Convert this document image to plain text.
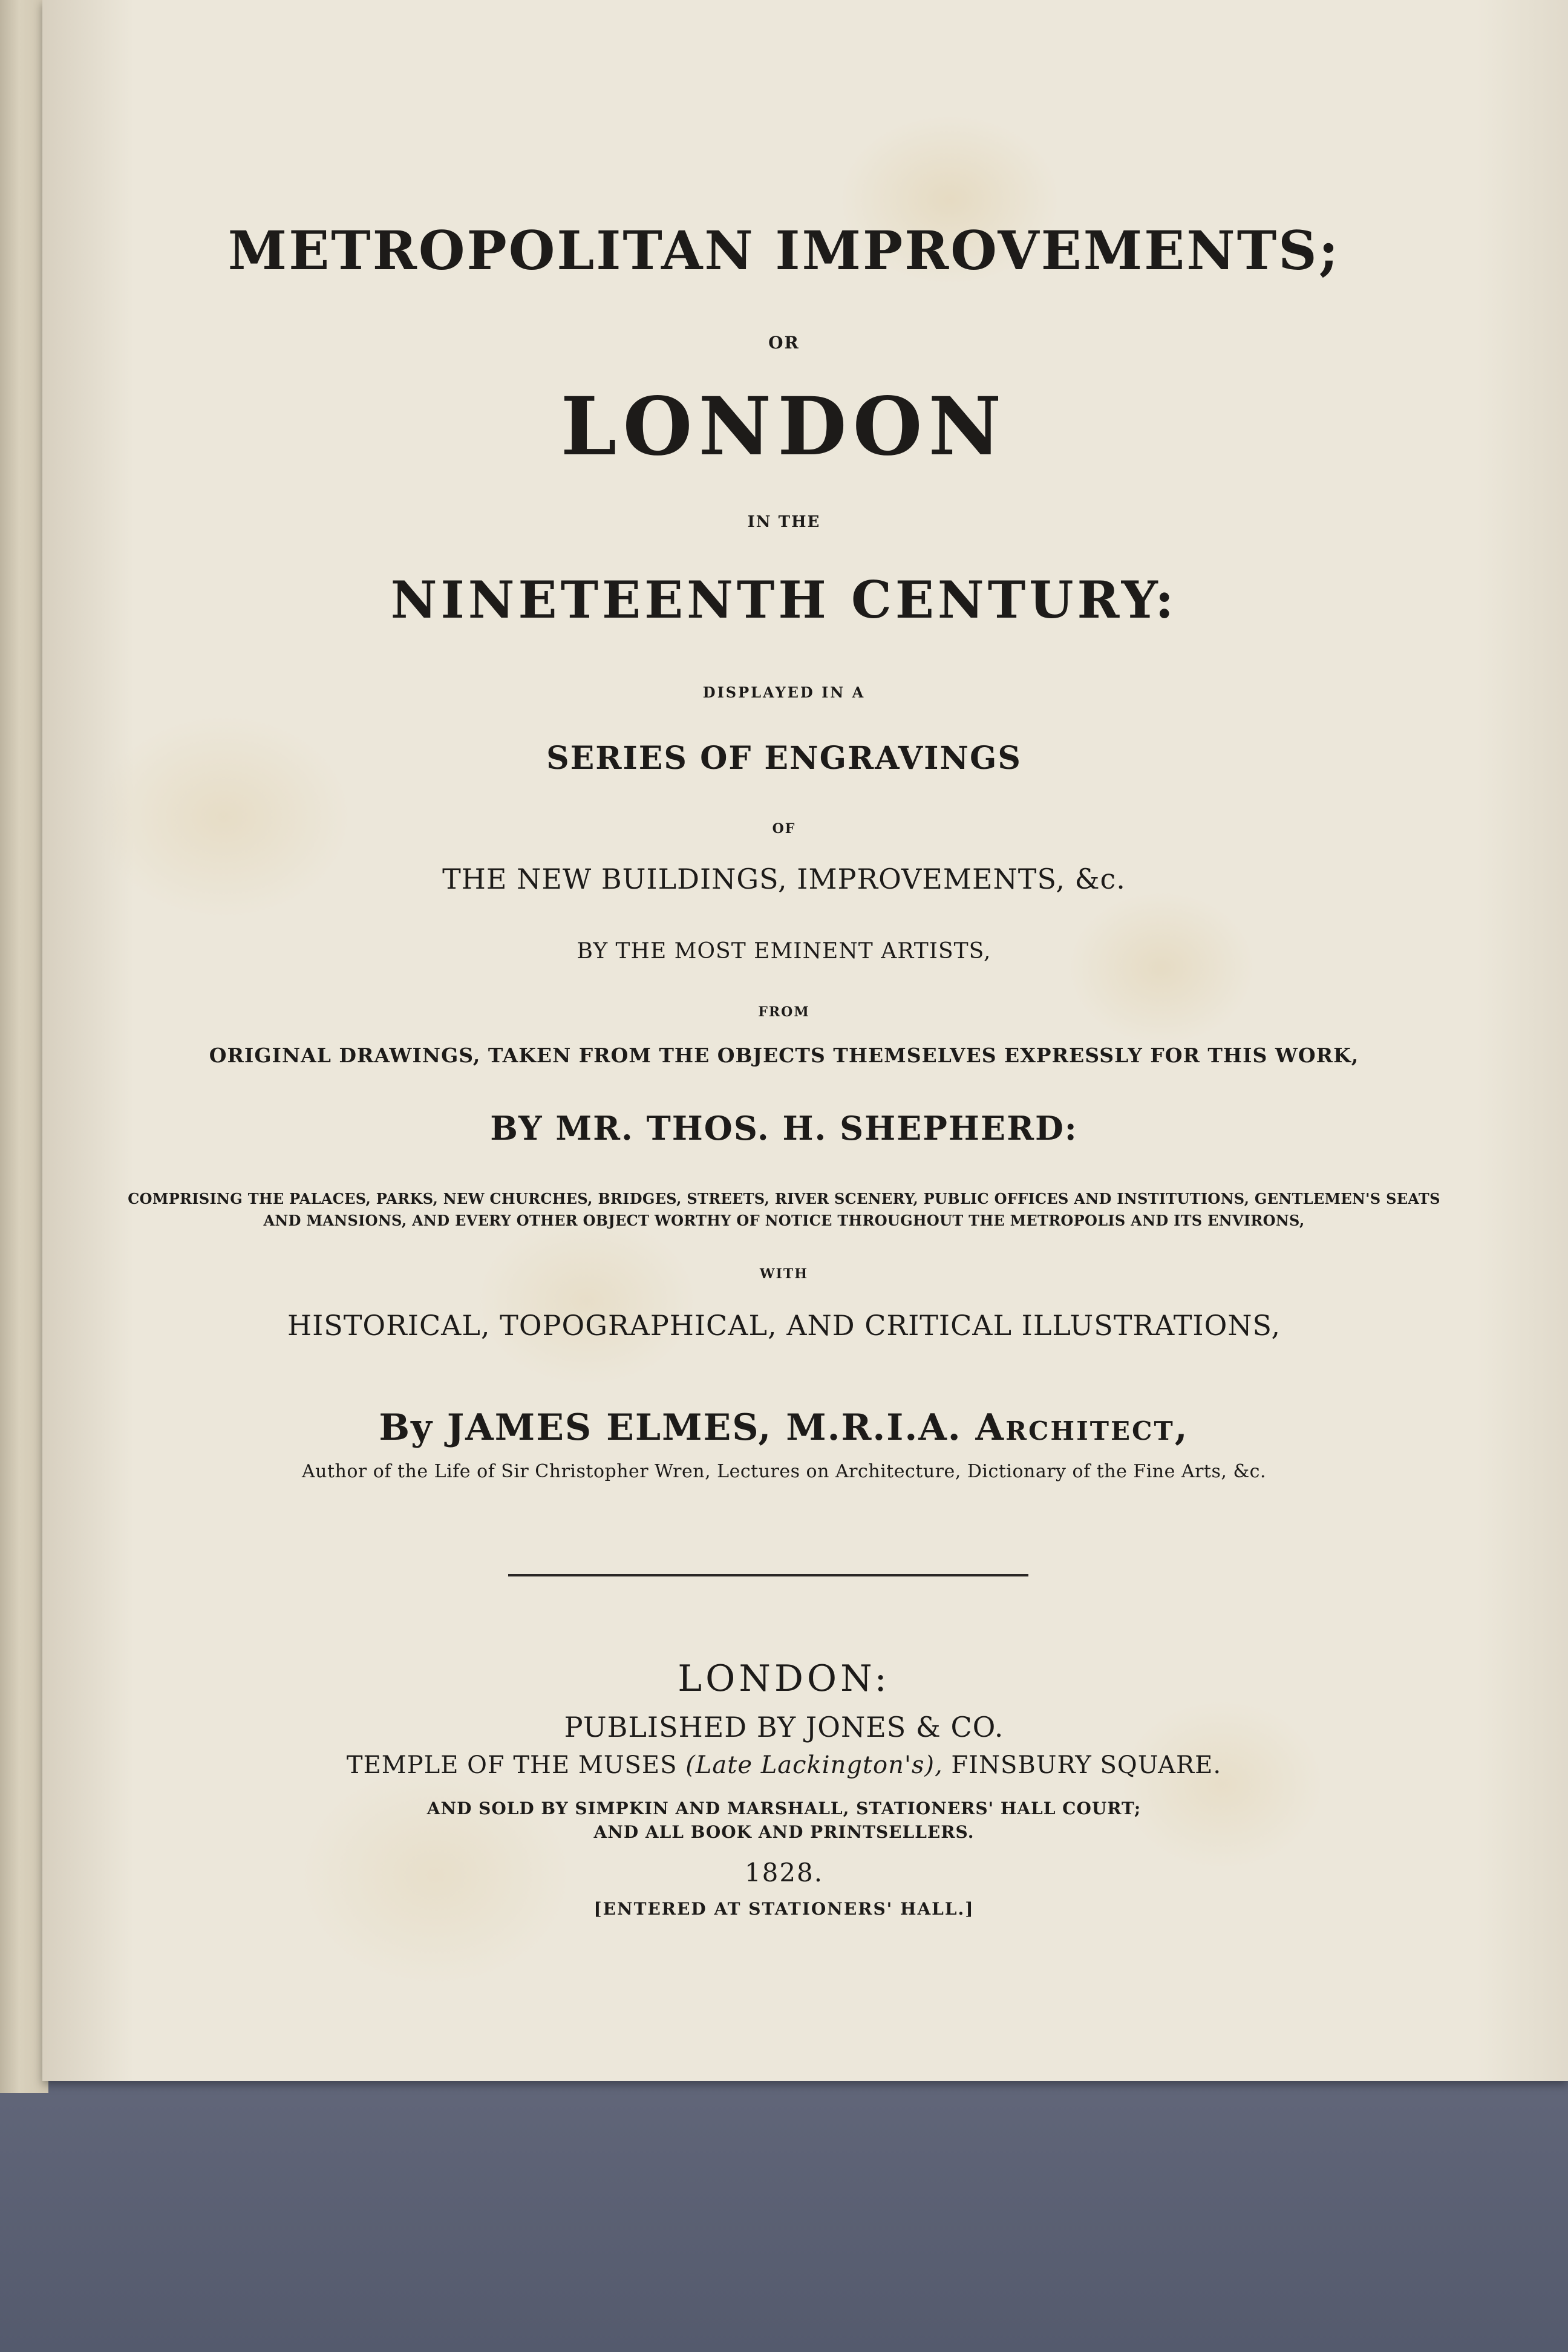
METROPOLITAN IMPROVEMENTS;
OR
LONDON
IN THE
NINETEENTH CENTURY:
DISPLAYED IN A
SERIES OF ENGRAVINGS
OF
THE NEW BUILDINGS, IMPROVEMENTS, &c.
BY THE MOST EMINENT ARTISTS,
FROM
ORIGINAL DRAWINGS, TAKEN FROM THE OBJECTS THEMSELVES EXPRESSLY FOR THIS WORK,
BY MR. THOS. H. SHEPHERD:
COMPRISING THE PALACES, PARKS, NEW CHURCHES, BRIDGES, STREETS, RIVER SCENERY, PUBLIC OFFICES AND INSTITUTIONS, GENTLEMEN'S SEATS
AND MANSIONS, AND EVERY OTHER OBJECT WORTHY OF NOTICE THROUGHOUT THE METROPOLIS AND ITS ENVIRONS,
WITH
HISTORICAL, TOPOGRAPHICAL, AND CRITICAL ILLUSTRATIONS,
By JAMES ELMES, M.R.I.A. Architect,
Author of the Life of Sir Christopher Wren, Lectures on Architecture, Dictionary of the Fine Arts, &c.
LONDON:
PUBLISHED BY JONES & CO.
TEMPLE OF THE MUSES (Late Lackington's), FINSBURY SQUARE.
AND SOLD BY SIMPKIN AND MARSHALL, STATIONERS' HALL COURT;
AND ALL BOOK AND PRINTSELLERS.
1828.
[ENTERED AT STATIONERS' HALL.]
